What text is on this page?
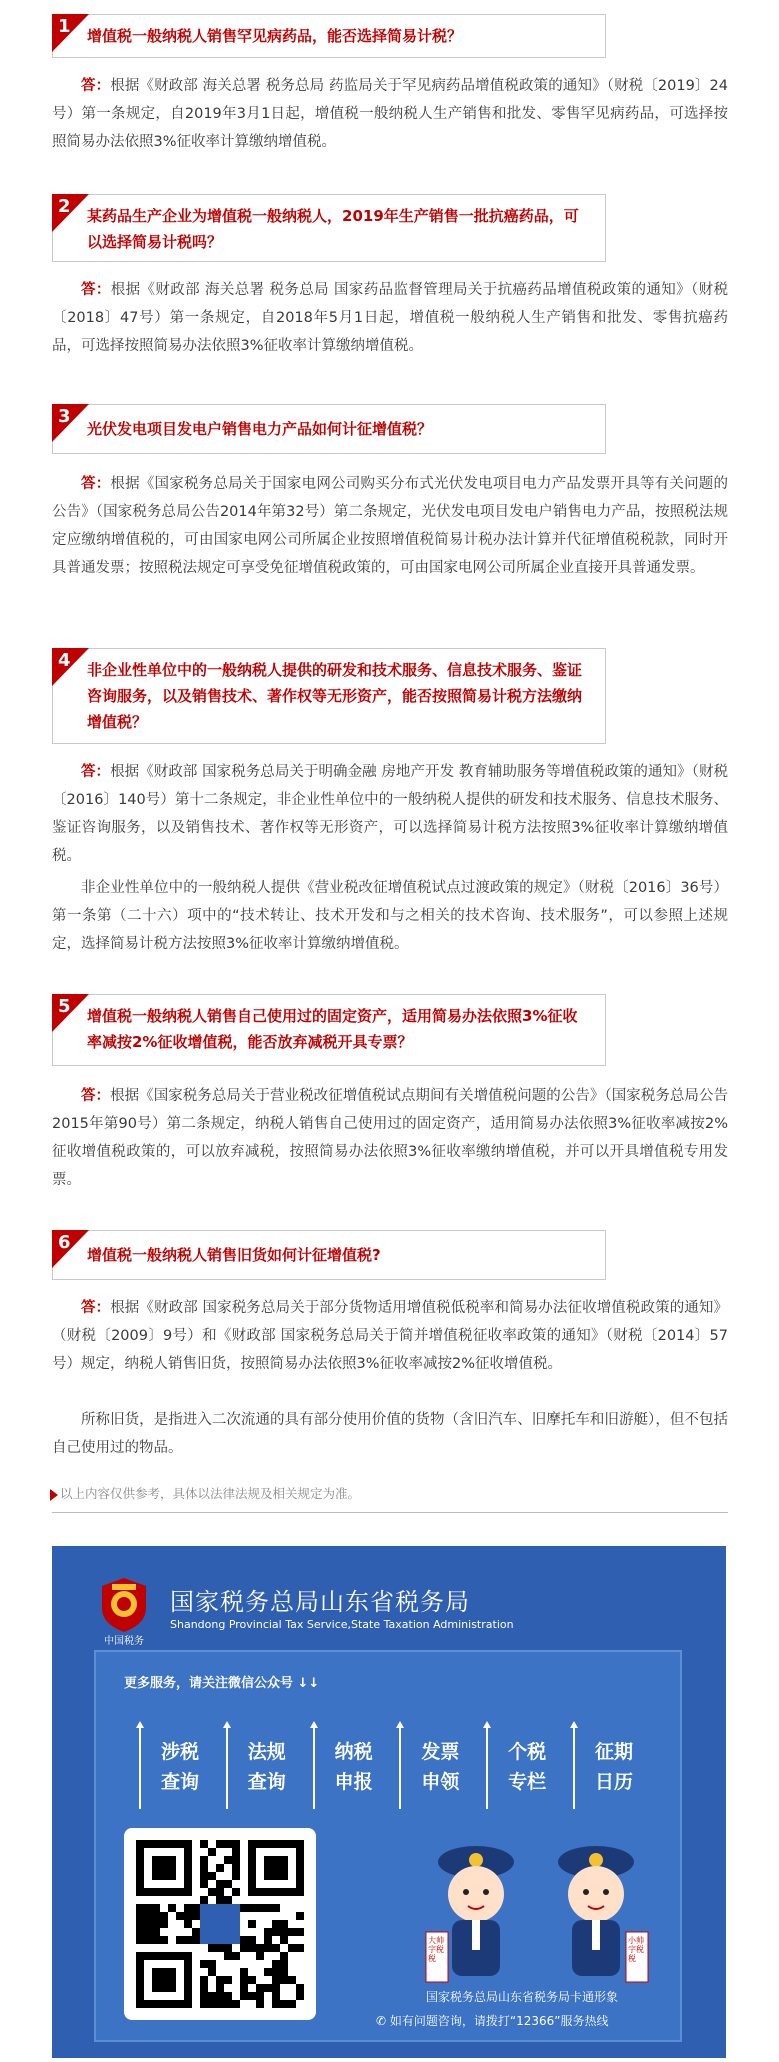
1 增值税一般纳税人销售罕见病药品，能否选择简易计税？
答：根据《财政部 海关总署 税务总局 药监局关于罕见病药品增值税政策的通知》（财税〔2019〕24号）第一条规定，自2019年3月1日起，增值税一般纳税人生产销售和批发、零售罕见病药品，可选择按照简易办法依照3%征收率计算缴纳增值税。
2 某药品生产企业为增值税一般纳税人，2019年生产销售一批抗癌药品，可以选择简易计税吗？
答：根据《财政部 海关总署 税务总局 国家药品监督管理局关于抗癌药品增值税政策的通知》（财税〔2018〕47号）第一条规定，自2018年5月1日起，增值税一般纳税人生产销售和批发、零售抗癌药品，可选择按照简易办法依照3%征收率计算缴纳增值税。
3
光伏发电项目发电户销售电力产品如何计征增值税？
答：根据《国家税务总局关于国家电网公司购买分布式光伏发电项目电力产品发票开具等有关问题的公告》（国家税务总局公告2014年第32号）第二条规定，光伏发电项目发电户销售电力产品，按照税法规定应缴纳增值税的，可由国家电网公司所属企业按照增值税简易计税办法计算并代征增值税税款，同时开具普通发票；按照税法规定可享受免征增值税政策的，可由国家电网公司所属企业直接开具普通发票。
4 非企业性单位中的一般纳税人提供的研发和技术服务、信息技术服务、鉴证咨询服务，以及销售技术、著作权等无形资产，能否按照简易计税方法缴纳增值税？
答：根据《财政部 国家税务总局关于明确金融 房地产开发 教育辅助服务等增值税政策的通知》（财税〔2016〕140号）第十二条规定，非企业性单位中的一般纳税人提供的研发和技术服务、信息技术服务、鉴证咨询服务，以及销售技术、著作权等无形资产，可以选择简易计税方法按照3%征收率计算缴纳增值税。
非企业性单位中的一般纳税人提供《营业税改征增值税试点过渡政策的规定》（财税〔2016〕36号）第一条第（二十六）项中的“技术转让、技术开发和与之相关的技术咨询、技术服务”，可以参照上述规定，选择简易计税方法按照3%征收率计算缴纳增值税。
5 增值税一般纳税人销售自己使用过的固定资产，适用简易办法依照3%征收率减按2%征收增值税，能否放弃减税开具专票？
答：根据《国家税务总局关于营业税改征增值税试点期间有关增值税问题的公告》（国家税务总局公告2015年第90号）第二条规定，纳税人销售自己使用过的固定资产，适用简易办法依照3%征收率减按2%征收增值税政策的，可以放弃减税，按照简易办法依照3%征收率缴纳增值税，并可以开具增值税专用发票。
6
增值税一般纳税人销售旧货如何计征增值税?
答：根据《财政部 国家税务总局关于部分货物适用增值税低税率和简易办法征收增值税政策的通知》（财税〔2009〕9号）和《财政部 国家税务总局关于简并增值税征收率政策的通知》（财税〔2014〕57号）规定，纳税人销售旧货，按照简易办法依照3%征收率减按2%征收增值税。
所称旧货，是指进入二次流通的具有部分使用价值的货物（含旧汽车、旧摩托车和旧游艇），但不包括自己使用过的物品。
以上内容仅供参考，具体以法律法规及相关规定为准。
中国税务
国家税务总局山东省税务局
Shandong Provincial Tax Service,State Taxation Administration
更多服务，请关注微信公众号 ↓↓
涉税查询
法规查询
纳税申报
发票申领
个税专栏
征期日历
大帅字税税
小帅字税税
国家税务总局山东省税务局卡通形象
✆ 如有问题咨询，请拨打“12366”服务热线
